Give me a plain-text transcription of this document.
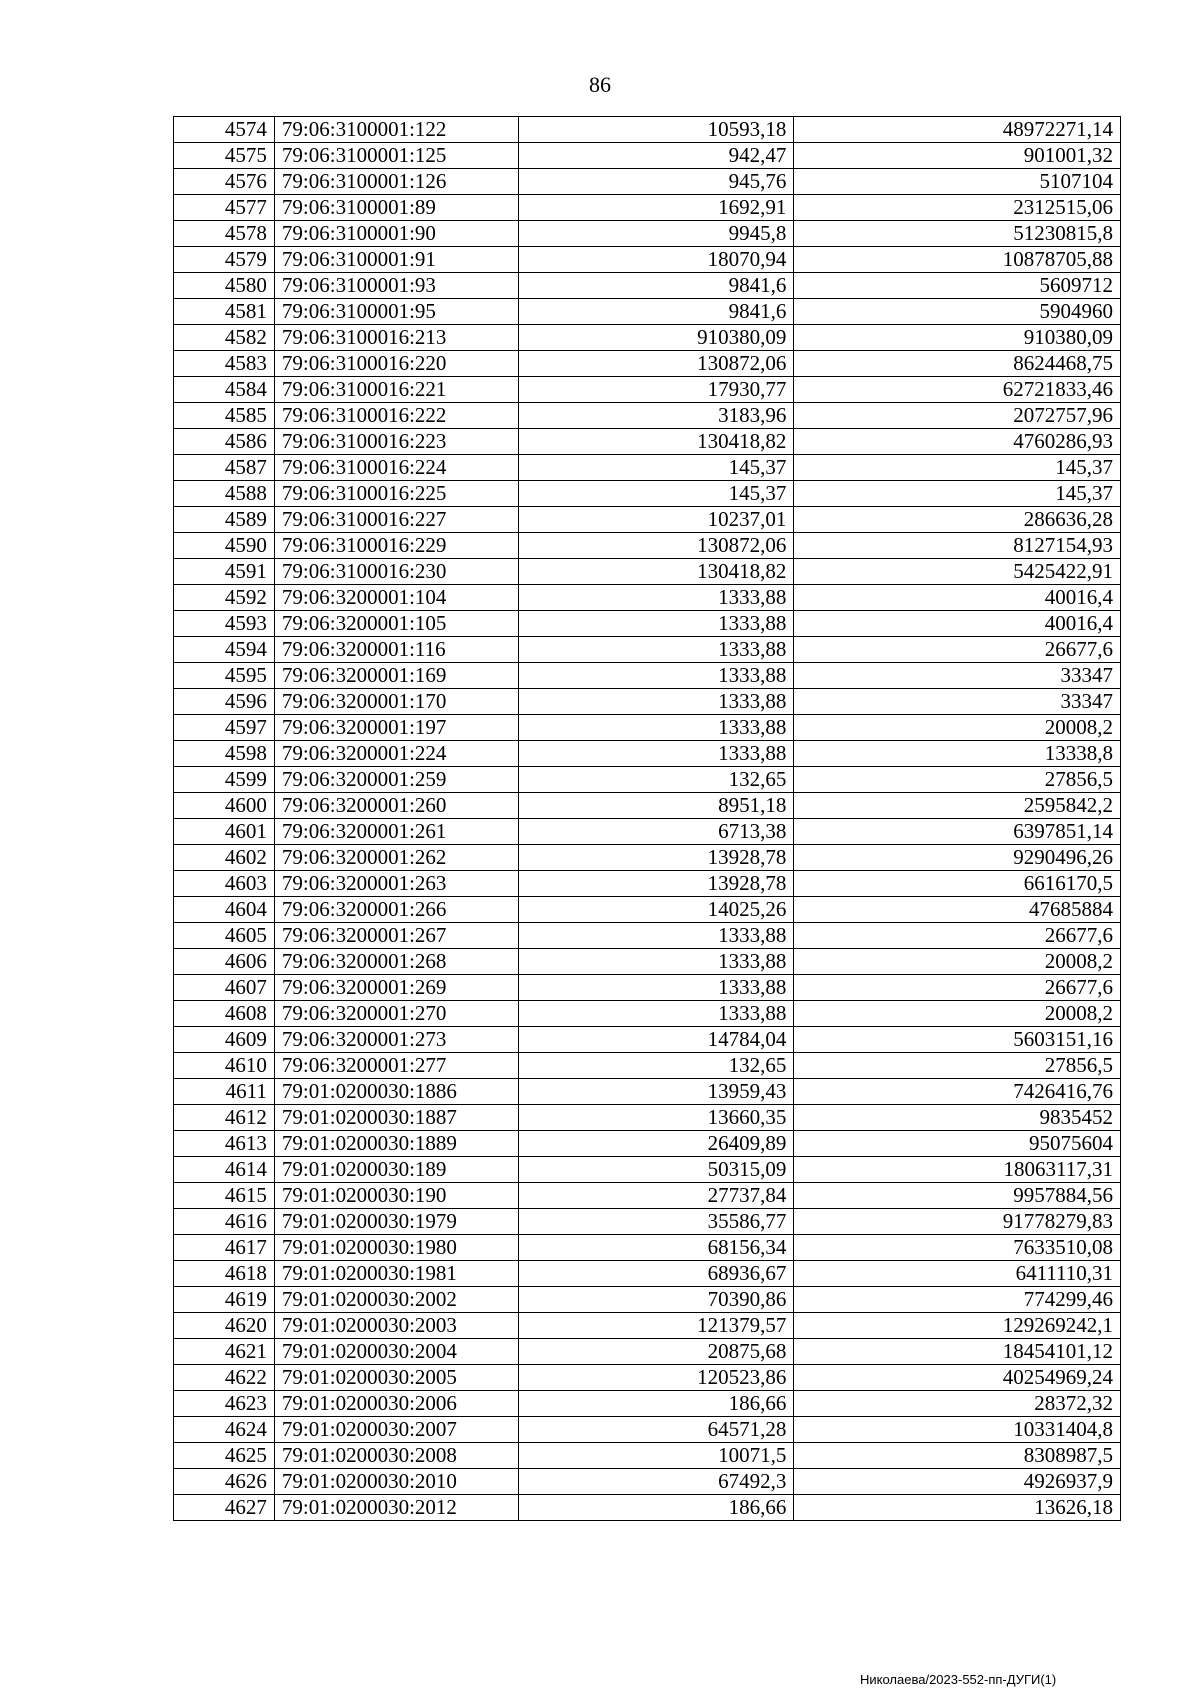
86
4574	79:06:3100001:122	10593,18	48972271,14
4575	79:06:3100001:125	942,47	901001,32
4576	79:06:3100001:126	945,76	5107104
4577	79:06:3100001:89	1692,91	2312515,06
4578	79:06:3100001:90	9945,8	51230815,8
4579	79:06:3100001:91	18070,94	10878705,88
4580	79:06:3100001:93	9841,6	5609712
4581	79:06:3100001:95	9841,6	5904960
4582	79:06:3100016:213	910380,09	910380,09
4583	79:06:3100016:220	130872,06	8624468,75
4584	79:06:3100016:221	17930,77	62721833,46
4585	79:06:3100016:222	3183,96	2072757,96
4586	79:06:3100016:223	130418,82	4760286,93
4587	79:06:3100016:224	145,37	145,37
4588	79:06:3100016:225	145,37	145,37
4589	79:06:3100016:227	10237,01	286636,28
4590	79:06:3100016:229	130872,06	8127154,93
4591	79:06:3100016:230	130418,82	5425422,91
4592	79:06:3200001:104	1333,88	40016,4
4593	79:06:3200001:105	1333,88	40016,4
4594	79:06:3200001:116	1333,88	26677,6
4595	79:06:3200001:169	1333,88	33347
4596	79:06:3200001:170	1333,88	33347
4597	79:06:3200001:197	1333,88	20008,2
4598	79:06:3200001:224	1333,88	13338,8
4599	79:06:3200001:259	132,65	27856,5
4600	79:06:3200001:260	8951,18	2595842,2
4601	79:06:3200001:261	6713,38	6397851,14
4602	79:06:3200001:262	13928,78	9290496,26
4603	79:06:3200001:263	13928,78	6616170,5
4604	79:06:3200001:266	14025,26	47685884
4605	79:06:3200001:267	1333,88	26677,6
4606	79:06:3200001:268	1333,88	20008,2
4607	79:06:3200001:269	1333,88	26677,6
4608	79:06:3200001:270	1333,88	20008,2
4609	79:06:3200001:273	14784,04	5603151,16
4610	79:06:3200001:277	132,65	27856,5
4611	79:01:0200030:1886	13959,43	7426416,76
4612	79:01:0200030:1887	13660,35	9835452
4613	79:01:0200030:1889	26409,89	95075604
4614	79:01:0200030:189	50315,09	18063117,31
4615	79:01:0200030:190	27737,84	9957884,56
4616	79:01:0200030:1979	35586,77	91778279,83
4617	79:01:0200030:1980	68156,34	7633510,08
4618	79:01:0200030:1981	68936,67	6411110,31
4619	79:01:0200030:2002	70390,86	774299,46
4620	79:01:0200030:2003	121379,57	129269242,1
4621	79:01:0200030:2004	20875,68	18454101,12
4622	79:01:0200030:2005	120523,86	40254969,24
4623	79:01:0200030:2006	186,66	28372,32
4624	79:01:0200030:2007	64571,28	10331404,8
4625	79:01:0200030:2008	10071,5	8308987,5
4626	79:01:0200030:2010	67492,3	4926937,9
4627	79:01:0200030:2012	186,66	13626,18
Николаева/2023-552-пп-ДУГИ(1)
